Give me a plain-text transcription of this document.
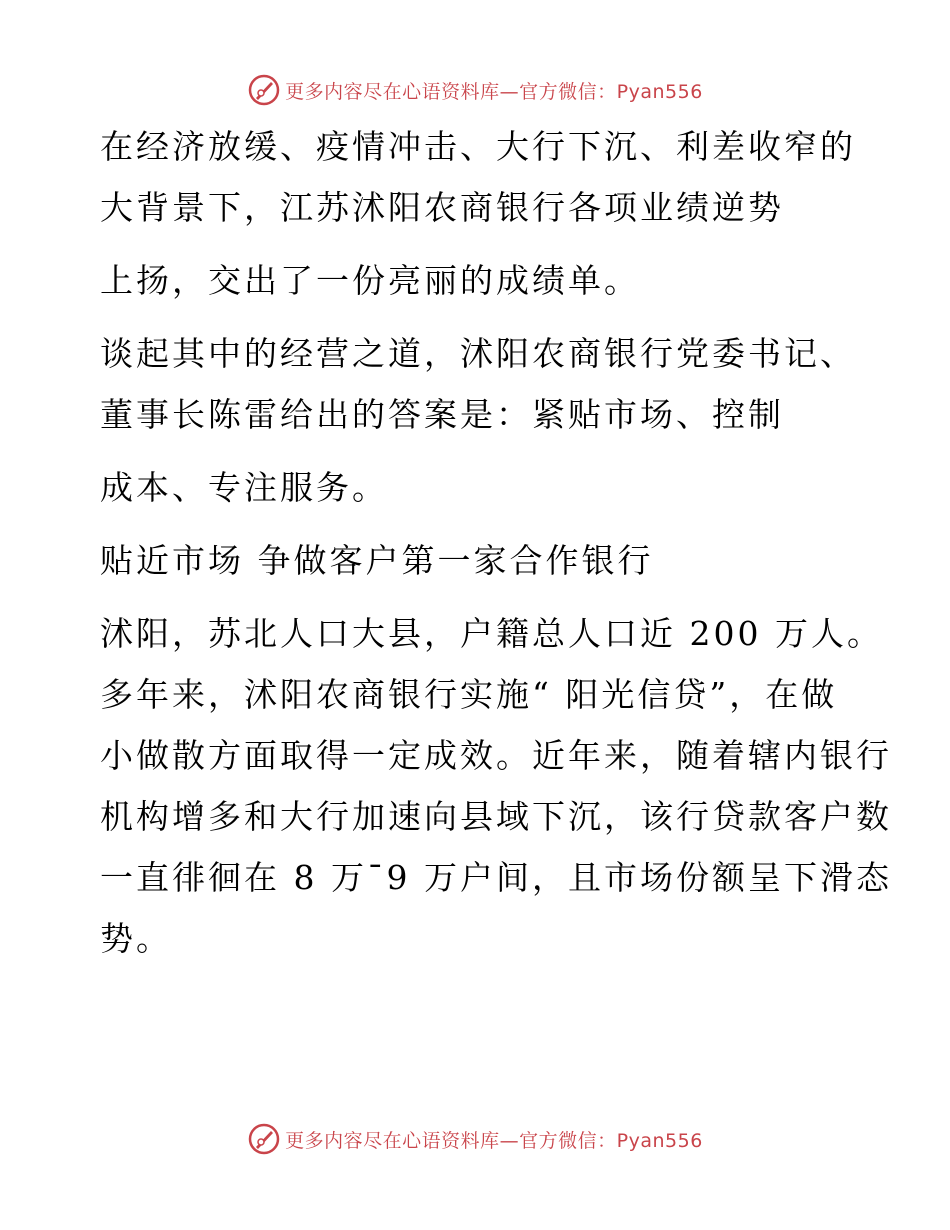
更多内容尽在心语资料库—官方微信：Pyan556
在经济放缓、疫情冲击、大行下沉、利差收窄的
大背景下，江苏沭阳农商银行各项业绩逆势
上扬，交出了一份亮丽的成绩单。
谈起其中的经营之道，沭阳农商银行党委书记、
董事长陈雷给出的答案是：紧贴市场、控制
成本、专注服务。
贴近市场 争做客户第一家合作银行
沭阳，苏北人口大县，户籍总人口近 200 万人。
多年来，沭阳农商银行实施“ 阳光信贷”，在做
小做散方面取得一定成效。近年来，随着辖内银行
机构增多和大行加速向县域下沉，该行贷款客户数
一直徘徊在 8 万¯9 万户间，且市场份额呈下滑态
势。
更多内容尽在心语资料库—官方微信：Pyan556
